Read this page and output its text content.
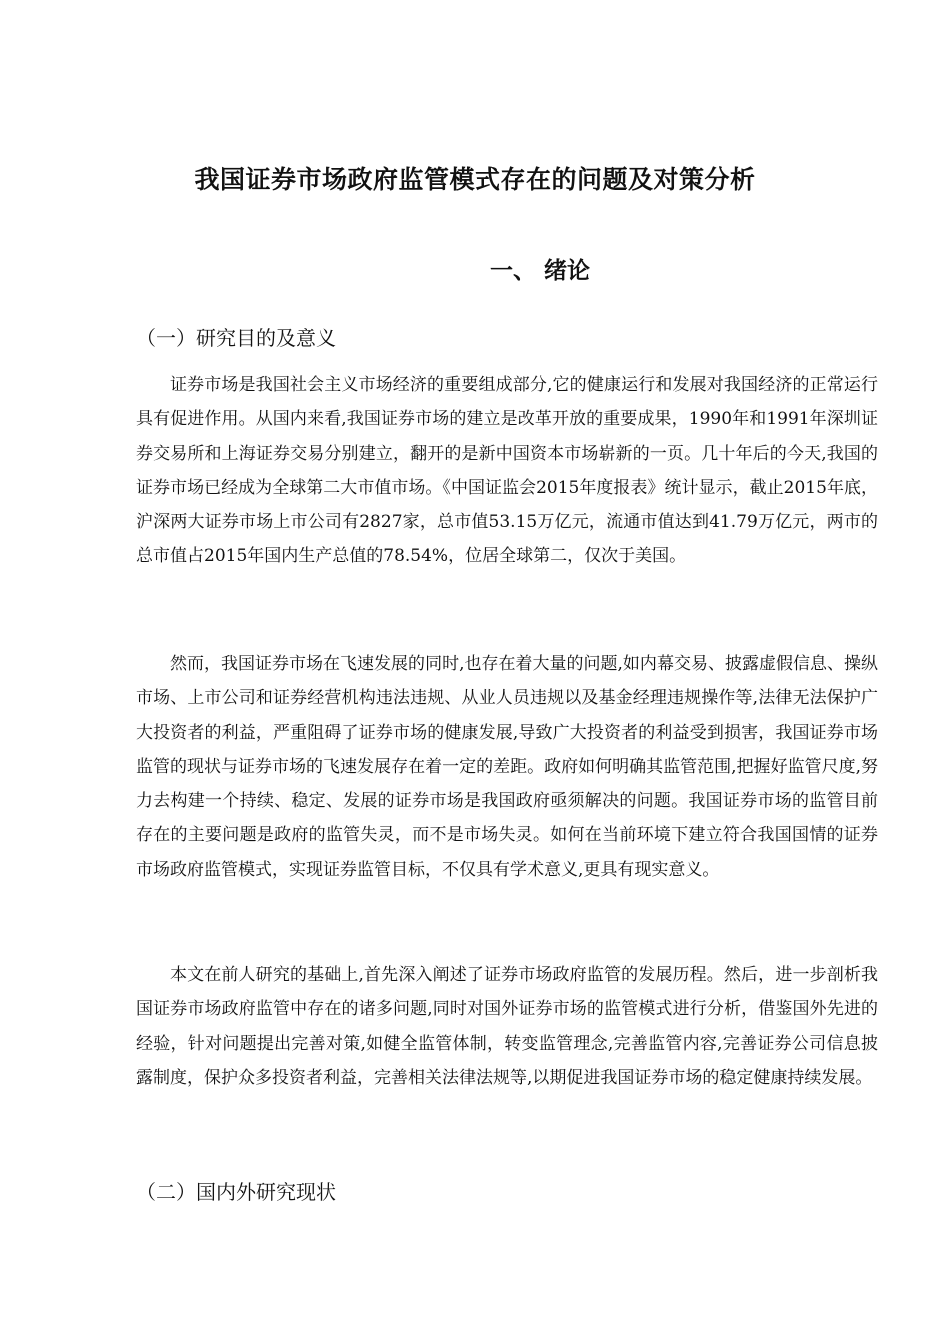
我国证券市场政府监管模式存在的问题及对策分析
一、 绪论
（一）研究目的及意义

证券市场是我国社会主义市场经济的重要组成部分,它的健康运行和发展对我国经济的正常运行具有促进作用。从国内来看,我国证券市场的建立是改革开放的重要成果，1990年和1991年深圳证券交易所和上海证券交易分别建立，翻开的是新中国资本市场崭新的一页。几十年后的今天,我国的证券市场已经成为全球第二大市值市场。《中国证监会2015年度报表》统计显示，截止2015年底，沪深两大证券市场上市公司有2827家，总市值53.15万亿元，流通市值达到41.79万亿元，两市的总市值占2015年国内生产总值的78.54%，位居全球第二，仅次于美国。

然而，我国证券市场在飞速发展的同时,也存在着大量的问题,如内幕交易、披露虚假信息、操纵市场、上市公司和证券经营机构违法违规、从业人员违规以及基金经理违规操作等,法律无法保护广大投资者的利益，严重阻碍了证券市场的健康发展,导致广大投资者的利益受到损害，我国证券市场监管的现状与证券市场的飞速发展存在着一定的差距。政府如何明确其监管范围,把握好监管尺度,努力去构建一个持续、稳定、发展的证券市场是我国政府亟须解决的问题。我国证券市场的监管目前存在的主要问题是政府的监管失灵，而不是市场失灵。如何在当前环境下建立符合我国国情的证券市场政府监管模式，实现证券监管目标，不仅具有学术意义,更具有现实意义。

本文在前人研究的基础上,首先深入阐述了证券市场政府监管的发展历程。然后，进一步剖析我国证券市场政府监管中存在的诸多问题,同时对国外证券市场的监管模式进行分析，借鉴国外先进的经验，针对问题提出完善对策,如健全监管体制，转变监管理念,完善监管内容,完善证券公司信息披露制度，保护众多投资者利益，完善相关法律法规等,以期促进我国证券市场的稳定健康持续发展。

（二）国内外研究现状
